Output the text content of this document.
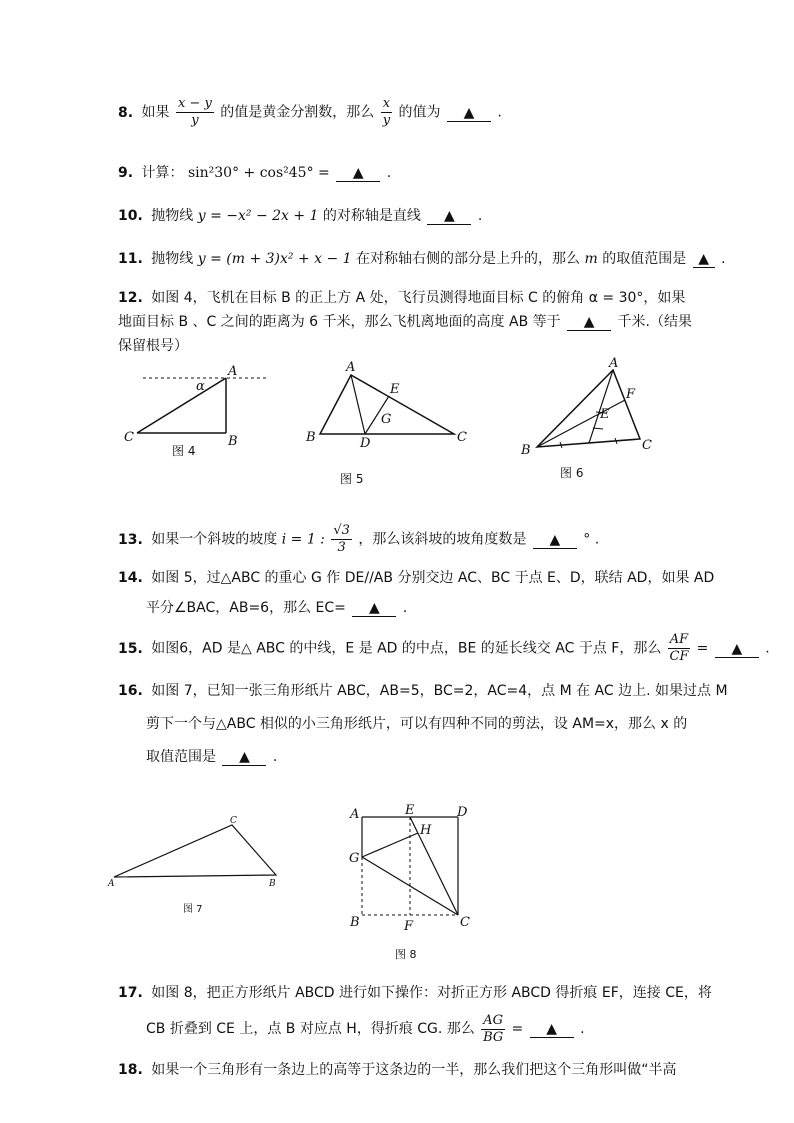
8. 如果 $\frac{x - y}{y}$ 的值是黄金分割数，那么 $\frac{x}{y}$ 的值为 ▲ .
9. 计算： sin²30° + cos²45° = ▲ .
10. 抛物线 y = −x² − 2x + 1 的对称轴是直线 ▲ .
11. 抛物线 y = (m + 3)x² + x − 1 在对称轴右侧的部分是上升的，那么 m 的取值范围是 ▲ .
12. 如图 4，飞机在目标 B 的正上方 A 处，飞行员测得地面目标 C 的俯角 α = 30°，如果
地面目标 B 、C 之间的距离为 6 千米，那么飞机离地面的高度 AB 等于 ▲ 千米.（结果
保留根号）
A
B
C
α
图 4
A
B	C
D
E
G
图 5
A
B	C
E
F
图 6
13. 如果一个斜坡的坡度 i = 1 : $\frac{√3}{3}$ ，那么该斜坡的坡角度数是 ▲ ° .
14. 如图 5，过△ABC 的重心 G 作 DE//AB 分别交边 AC、BC 于点 E、D，联结 AD，如果 AD
平分∠BAC，AB=6，那么 EC= ▲ .
15. 如图6，AD 是△ ABC 的中线，E 是 AD 的中点，BE 的延长线交 AC 于点 F，那么 $\frac{AF}{CF}$ = ▲ .
16. 如图 7，已知一张三角形纸片 ABC，AB=5，BC=2，AC=4，点 M 在 AC 边上. 如果过点 M
剪下一个与△ABC 相似的小三角形纸片，可以有四种不同的剪法，设 AM=x，那么 x 的
取值范围是 ▲ .
A	B
C
图 7
A
B	C
D
E
F
G
H
图 8
17. 如图 8，把正方形纸片 ABCD 进行如下操作：对折正方形 ABCD 得折痕 EF，连接 CE，将
CB 折叠到 CE 上，点 B 对应点 H，得折痕 CG. 那么 $\frac{AG}{BG}$ = ▲ .
18. 如果一个三角形有一条边上的高等于这条边的一半，那么我们把这个三角形叫做“半高
